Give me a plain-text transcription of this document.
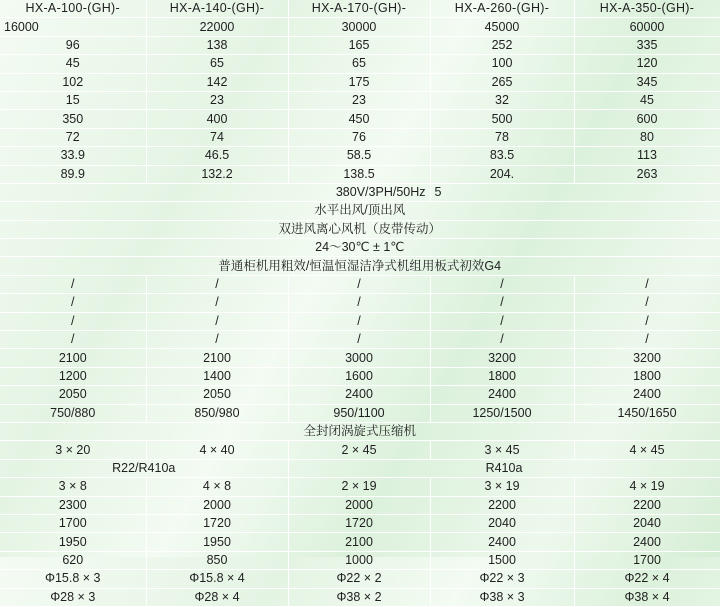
HX-A-100-(GH)-	HX-A-140-(GH)-	HX-A-170-(GH)-	HX-A-260-(GH)-	HX-A-350-(GH)-
16000	22000	30000	45000	60000
96	138	165	252	335
45	65	65	100	120
102	142	175	265	345
15	23	23	32	45
350	400	450	500	600
72	74	76	78	80
33.9	46.5	58.5	83.5	113
89.9	132.2	138.5	204.	263
380V/3PH/50Hz			5	
水平出风/顶出风				
双进风离心风机（皮带传动）				
24～30℃ ± 1℃				
普通柜机用粗效/恒温恒湿洁净式机组用板式初效G4				
/	/	/	/	/
/	/	/	/	/
/	/	/	/	/
/	/	/	/	/
2100	2100	3000	3200	3200
1200	1400	1600	1800	1800
2050	2050	2400	2400	2400
750/880	850/980	950/1100	1250/1500	1450/1650
全封闭涡旋式压缩机				
3 × 20	4 × 40	2 × 45	3 × 45	4 × 45
R22/R410a		R410a		
3 × 8	4 × 8	2 × 19	3 × 19	4 × 19
2300	2000	2000	2200	2200
1700	1720	1720	2040	2040
1950	1950	2100	2400	2400
620	850	1000	1500	1700
Φ15.8 × 3	Φ15.8 × 4	Φ22 × 2	Φ22 × 3	Φ22 × 4
Φ28 × 3	Φ28 × 4	Φ38 × 2	Φ38 × 3	Φ38 × 4
